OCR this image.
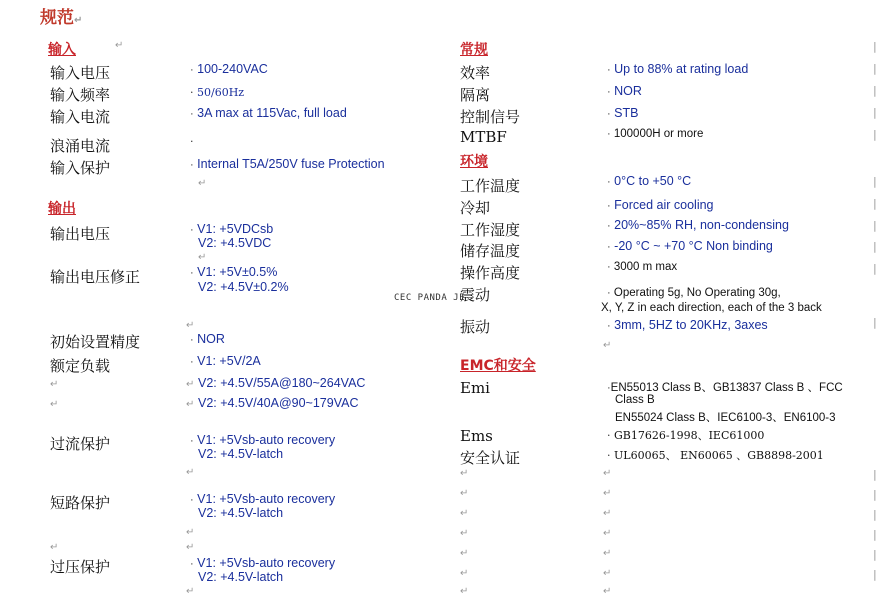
规范↵
输入
输入电压	· 100-240VAC
输入频率	· 50/60Hz
输入电流	· 3A max at 115Vac, full load
浪涌电流	·
输入保护	· Internal T5A/250V fuse Protection
输出
输出电压	· V1: +5VDCsb
V2: +4.5VDC
输出电压修正	· V1: +5V±0.5%
V2: +4.5V±0.2%
初始设置精度	· NOR
额定负载	· V1: +5V/2A
V2: +4.5V/55A@180~264VAC
V2: +4.5V/40A@90~179VAC
过流保护	· V1: +5Vsb-auto recovery
V2: +4.5V-latch
短路保护	· V1: +5Vsb-auto recovery
V2: +4.5V-latch
过压保护	· V1: +5Vsb-auto recovery
V2: +4.5V-latch
常规
效率	· Up to 88% at rating load
隔离	· NOR
控制信号	· STB
MTBF	· 100000H or more
环境
工作温度	· 0°C to +50 °C
冷却	· Forced air cooling
工作湿度	· 20%~85% RH, non-condensing
储存温度	· -20 °C ~ +70 °C Non binding
操作高度	· 3000 m max
震动	· Operating 5g, No Operating 30g,
X, Y, Z in each direction, each of the 3 back
CEC PANDA JE
振动	· 3mm, 5HZ to 20KHz, 3axes
EMC和安全
Emi	·EN55013 Class B、GB13837 Class B 、FCC
Class B
EN55024 Class B、IEC6100-3、EN6100-3
Ems	· GB17626-1998、IEC61000
安全认证	· UL60065、 EN60065 、GB8898-2001
↵
↵
↵
↵
↵
↵
↵
↵
↵
↵
↵	↵
↵
↵
↵	↵
↵	↵
↵	↵
↵	↵
↵	↵
↵	↵
↵	↵
|
|
|
|
|
|
|
|
|
|
|
|
|
|
|
|
|
